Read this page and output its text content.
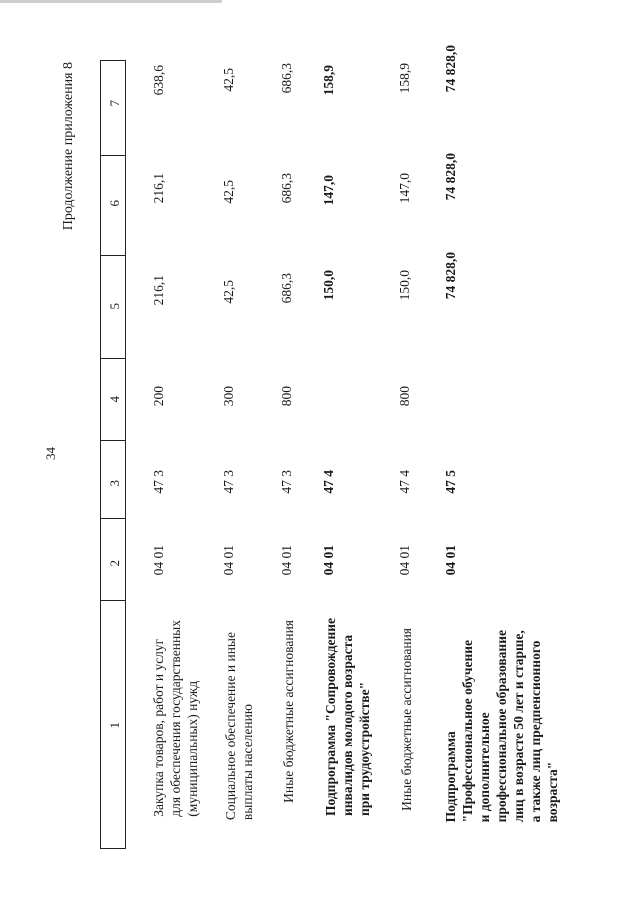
34
Продолжение приложения 8 7
6
5
4
3
2
1 Закупка товаров, работ и услуг для обеспечения государственных (муниципальных) нужд
04 01
47 3
200
216,1
216,1
638,6
Социальное обеспечение и иные выплаты населению
04 01
47 3
300
42,5
42,5
42,5
Иные бюджетные ассигнования
04 01
47 3
800
686,3
686,3
686,3
Подпрограмма "Сопровождение инвалидов молодого возраста при трудоустройстве"
04 01
47 4
150,0
147,0
158,9
Иные бюджетные ассигнования
04 01
47 4
800
150,0
147,0
158,9
Подпрограмма "Профессиональное обучение и дополнительное профессиональное образование лиц в возрасте 50 лет и старше, а также лиц предпенсионного возраста"
04 01
47 5
74 828,0
74 828,0
74 828,0
